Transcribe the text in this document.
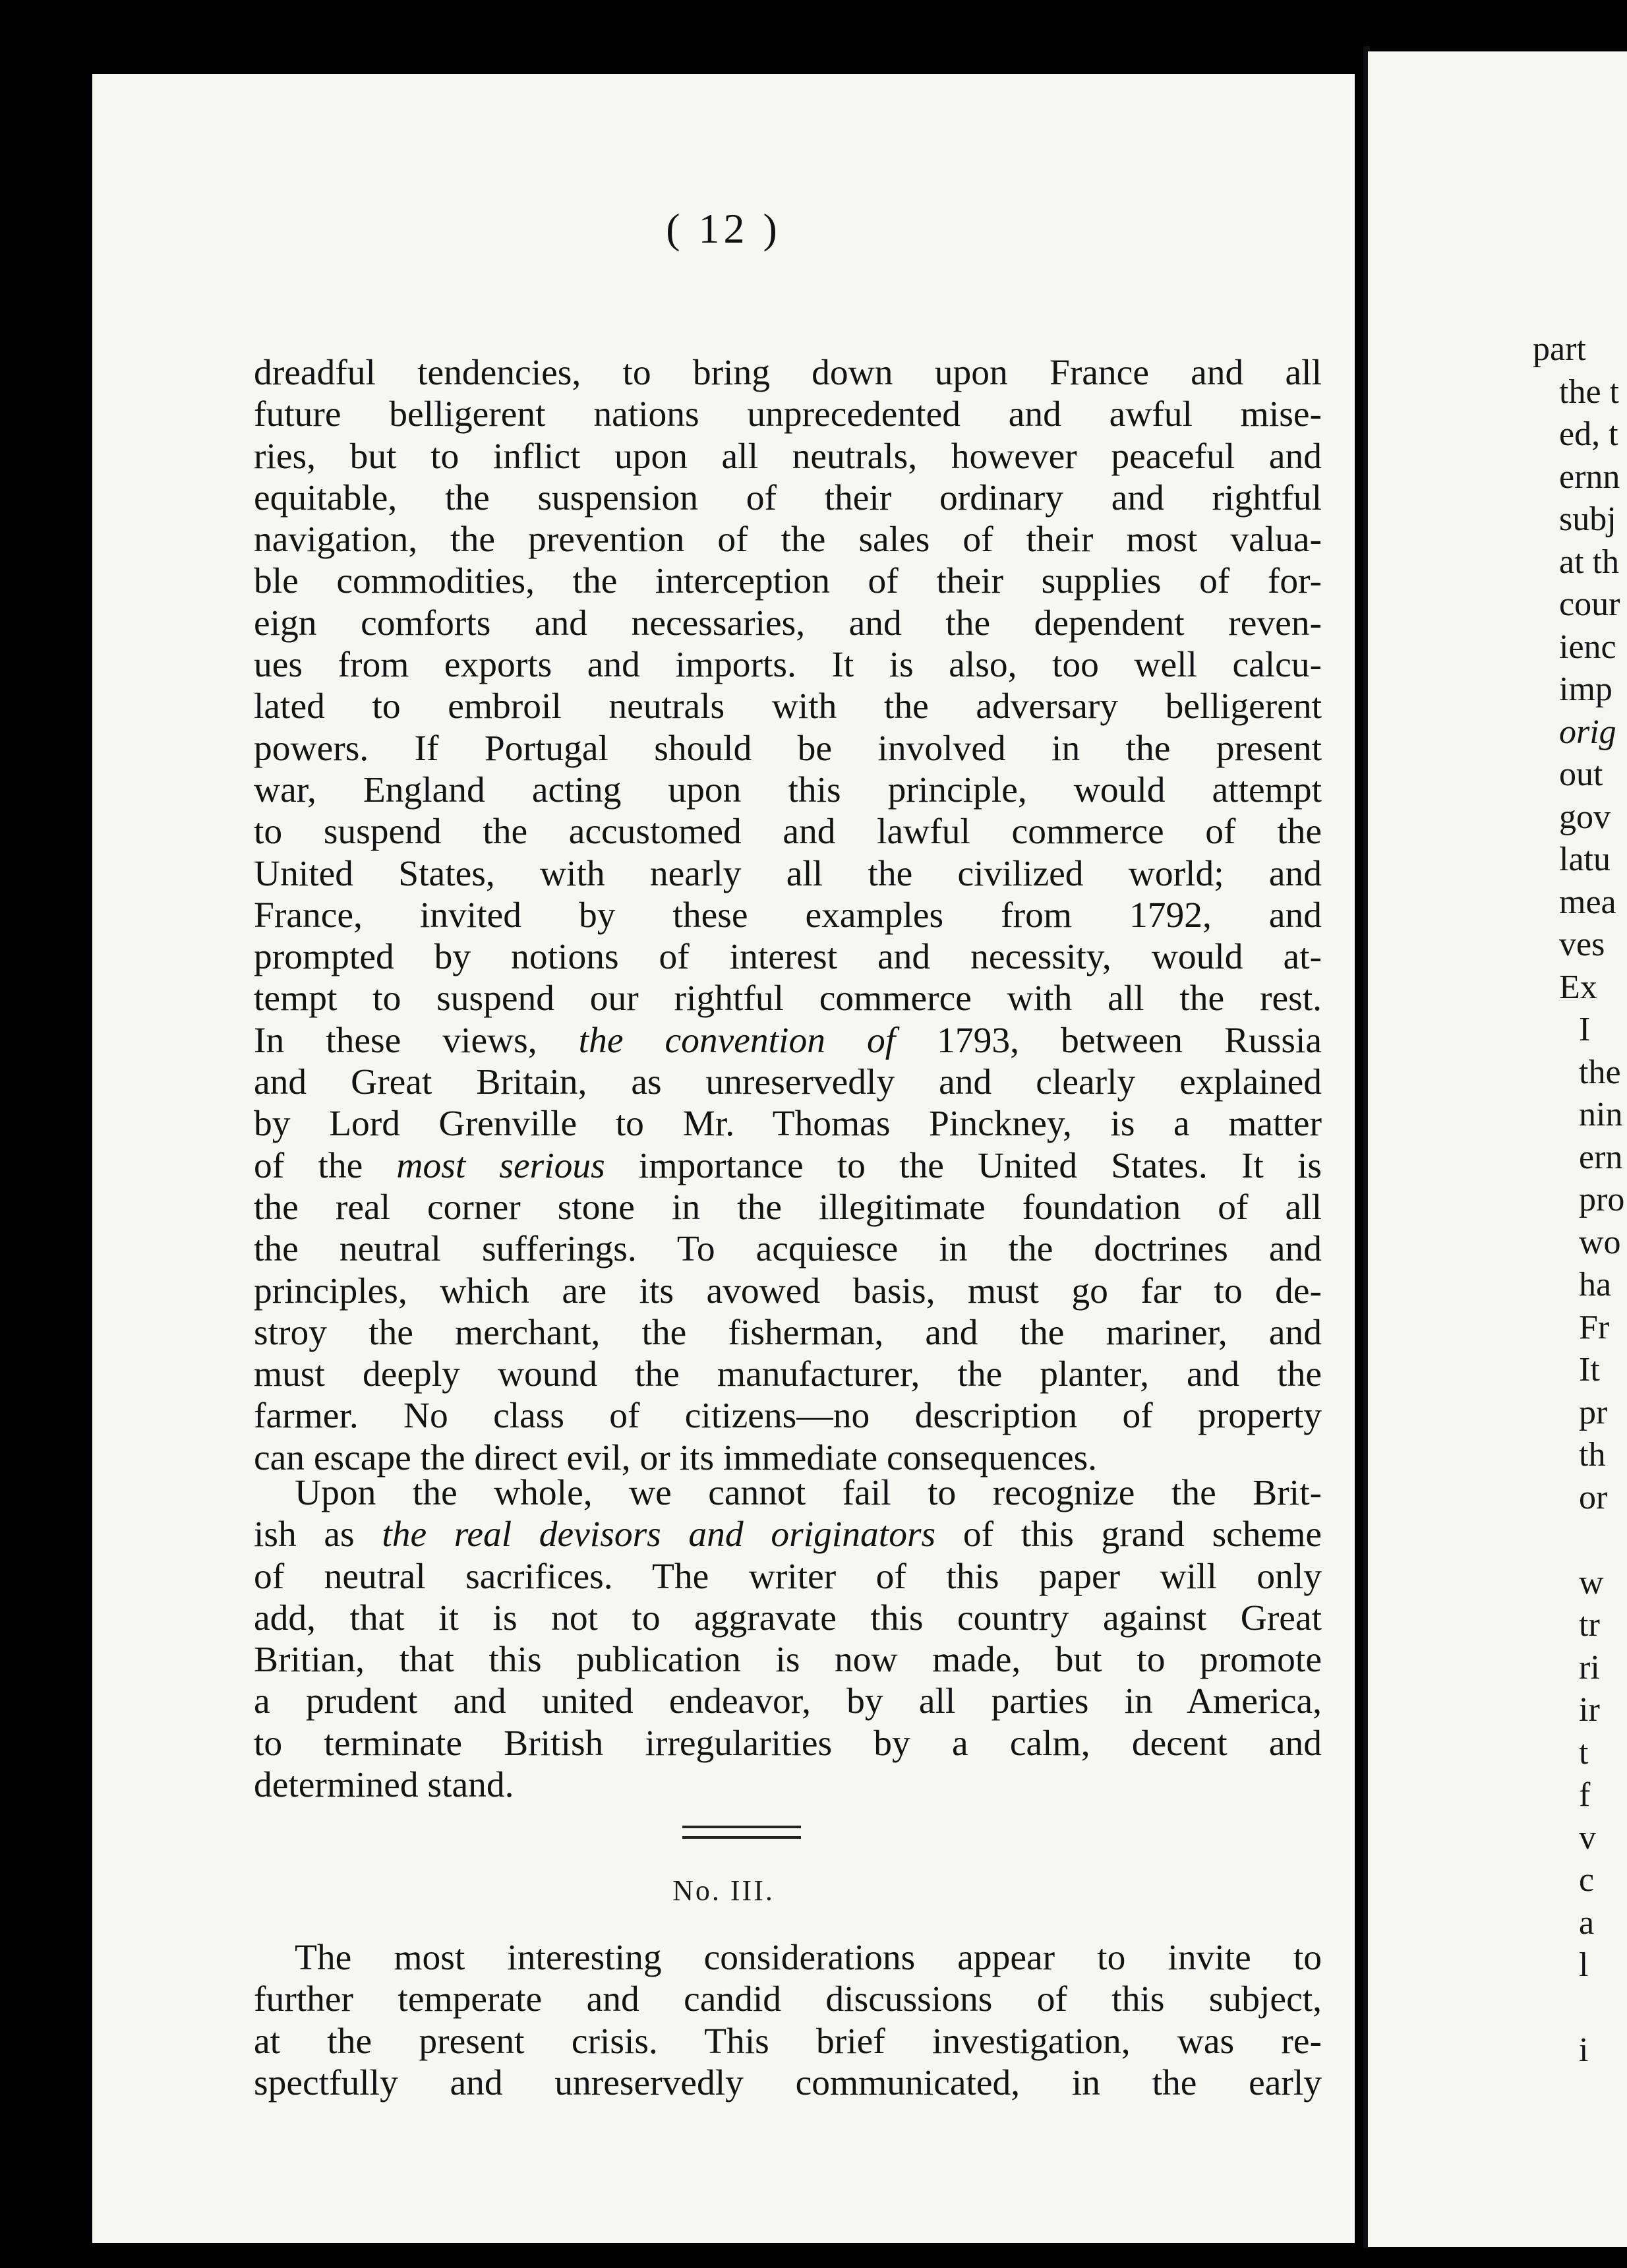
( 12 )
dreadful tendencies, to bring down upon France and all
future belligerent nations unprecedented and awful mise-
ries, but to inflict upon all neutrals, however peaceful and
equitable, the suspension of their ordinary and rightful
navigation, the prevention of the sales of their most valua-
ble commodities, the interception of their supplies of for-
eign comforts and necessaries, and the dependent reven-
ues from exports and imports. It is also, too well calcu-
lated to embroil neutrals with the adversary belligerent
powers. If Portugal should be involved in the present
war, England acting upon this principle, would attempt
to suspend the accustomed and lawful commerce of the
United States, with nearly all the civilized world; and
France, invited by these examples from 1792, and
prompted by notions of interest and necessity, would at-
tempt to suspend our rightful commerce with all the rest.
In these views, the convention of 1793, between Russia
and Great Britain, as unreservedly and clearly explained
by Lord Grenville to Mr. Thomas Pinckney, is a matter
of the most serious importance to the United States. It is
the real corner stone in the illegitimate foundation of all
the neutral sufferings. To acquiesce in the doctrines and
principles, which are its avowed basis, must go far to de-
stroy the merchant, the fisherman, and the mariner, and
must deeply wound the manufacturer, the planter, and the
farmer. No class of citizens—no description of property
can escape the direct evil, or its immediate consequences.
Upon the whole, we cannot fail to recognize the Brit-
ish as the real devisors and originators of this grand scheme
of neutral sacrifices. The writer of this paper will only
add, that it is not to aggravate this country against Great
Britian, that this publication is now made, but to promote
a prudent and united endeavor, by all parties in America,
to terminate British irregularities by a calm, decent and
determined stand.
No. III.
The most interesting considerations appear to invite to
further temperate and candid discussions of this subject,
at the present crisis. This brief investigation, was re-
spectfully and unreservedly communicated, in the early
part
the t
ed, t
ernn
subj
at th
cour
ienc
imp
orig
out
gov
latu
mea
ves
Ex
I
the
nin
ern
pro
wo
ha
Fr
It
pr
th
or

w
tr
ri
ir
t
f
v
c
a
l

i
